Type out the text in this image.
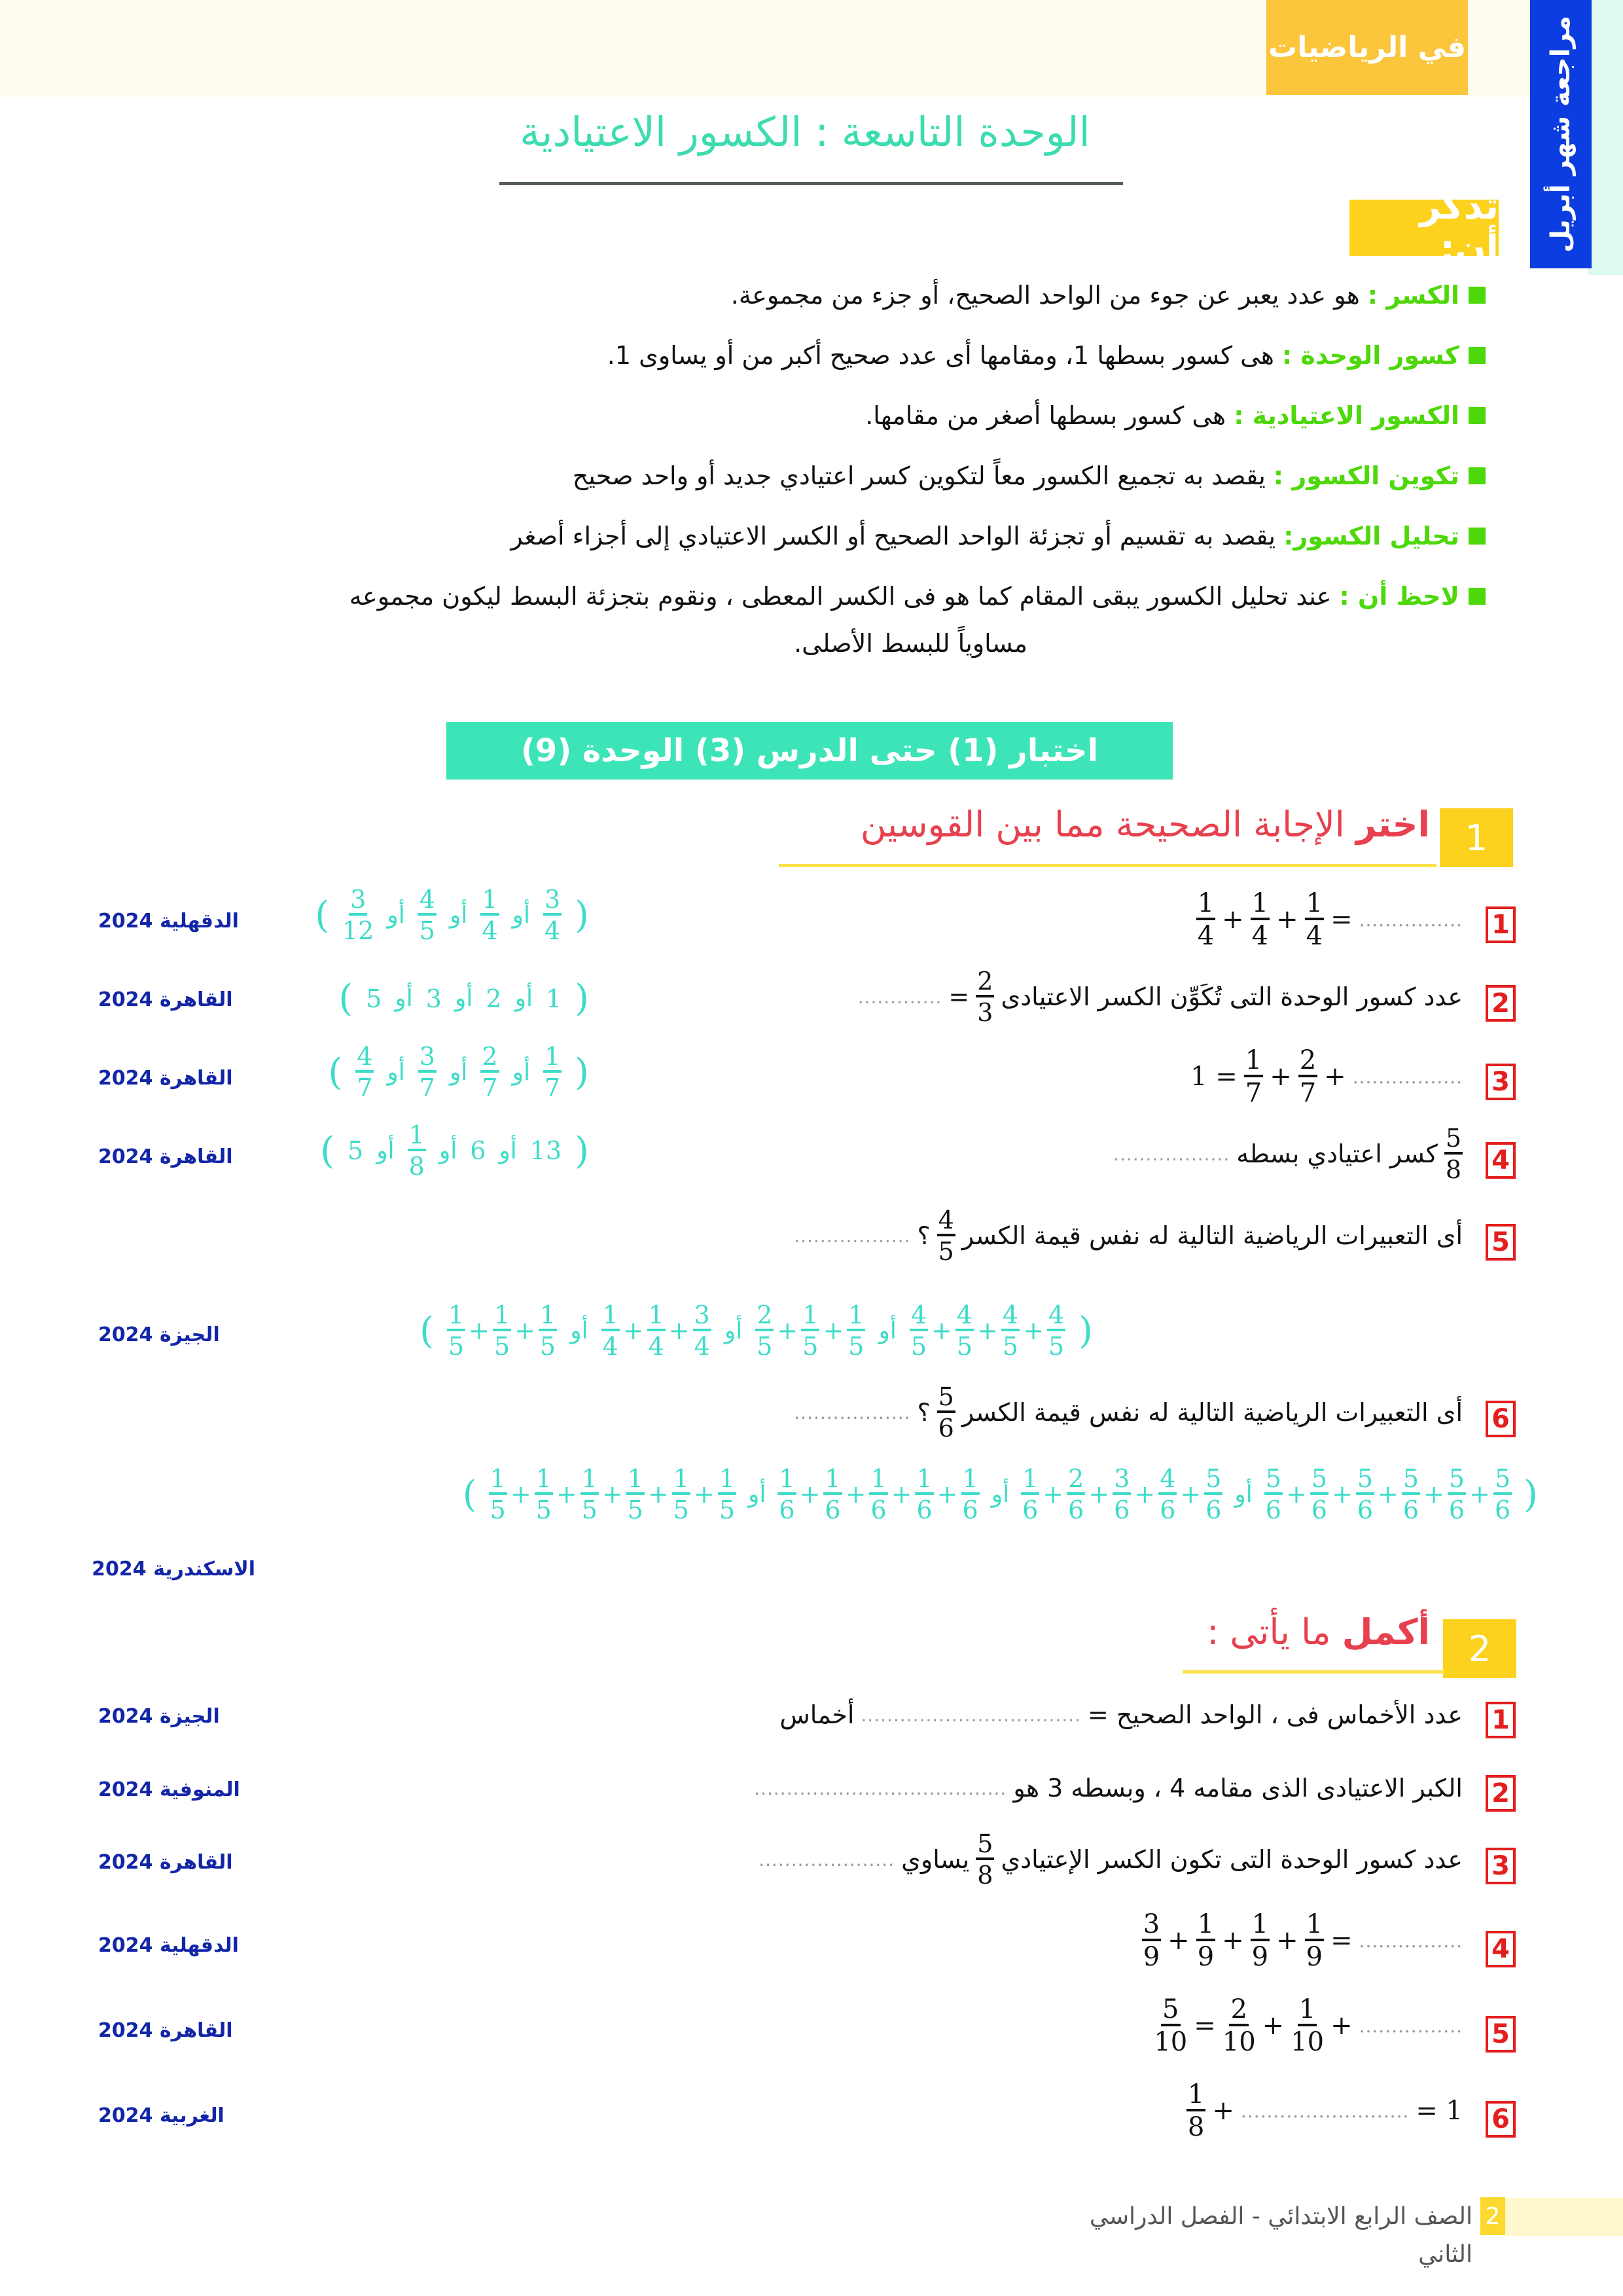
في الرياضيات	مراجعة شهر أبريل
الوحدة التاسعة : الكسور الاعتيادية
تذكر أن:
الكسر : هو عدد يعبر عن جوء من الواحد الصحيح، أو جزء من مجموعة.
كسور الوحدة : هى كسور بسطها 1، ومقامها أى عدد صحيح أكبر من أو يساوى 1.
الكسور الاعتيادية : هى كسور بسطها أصغر من مقامها.
تكوين الكسور : يقصد به تجميع الكسور معاً لتكوين كسر اعتيادي جديد أو واحد صحيح
تحليل الكسور: يقصد به تقسيم أو تجزئة الواحد الصحيح أو الكسر الاعتيادي إلى أجزاء أصغر
لاحظ أن : عند تحليل الكسور يبقى المقام كما هو فى الكسر المعطى ، ونقوم بتجزئة البسط ليكون مجموعه
مساوياً للبسط الأصلى.
اختبار (1) حتى الدرس (3) الوحدة (9)
1
اختر الإجابة الصحيحة مما بين القوسين
2
أكمل ما يأتى :
2
الصف الرابع الابتدائي - الفصل الدراسي الثاني
1
$\frac{1}{4} + \frac{1}{4} + \frac{1}{4}$ = ................
( $\frac{3}{12}$ أو $\frac{4}{5}$ أو $\frac{1}{4}$ أو $\frac{3}{4}$ )
الدقهلية 2024
2
عدد كسور الوحدة التى تُكَوِّن الكسر الاعتيادى
$\frac{2}{3}$
=
.............
( 5 أو 3 أو 2 أو 1 )
القاهرة 2024
3
$1 = \frac{1}{7} + \frac{2}{7}$ + .................
( $\frac{4}{7}$ أو $\frac{3}{7}$ أو $\frac{2}{7}$ أو $\frac{1}{7}$ )
القاهرة 2024
4
$\frac{5}{8}$
كسر اعتيادي بسطه
..................
( 5 أو $\frac{1}{8}$ أو 6 أو 13 )
القاهرة 2024
5
أى التعبيرات الرياضية التالية له نفس قيمة الكسر
$\frac{4}{5}$
؟
..................
( $\frac{1}{5} + \frac{1}{5} + \frac{1}{5}$ أو $\frac{1}{4} + \frac{1}{4} + \frac{3}{4}$ أو $\frac{2}{5} + \frac{1}{5} + \frac{1}{5}$ أو $\frac{4}{5} + \frac{4}{5} + \frac{4}{5} + \frac{4}{5}$ )
الجيزة 2024
6
أى التعبيرات الرياضية التالية له نفس قيمة الكسر
$\frac{5}{6}$
؟
..................
( $\frac{1}{5} + \frac{1}{5} + \frac{1}{5} + \frac{1}{5} + \frac{1}{5} + \frac{1}{5}$ أو $\frac{1}{6} + \frac{1}{6} + \frac{1}{6} + \frac{1}{6} + \frac{1}{6}$ أو $\frac{1}{6} + \frac{2}{6} + \frac{3}{6} + \frac{4}{6} + \frac{5}{6}$ أو $\frac{5}{6} + \frac{5}{6} + \frac{5}{6} + \frac{5}{6} + \frac{5}{6} + \frac{5}{6}$ )
الاسكندرية 2024
1
عدد الأخماس فى ، الواحد الصحيح =
..................................
أخماس
الجيزة 2024
2
الكبر الاعتيادى الذى مقامه 4 ، وبسطه 3 هو
.......................................
المنوفية 2024
3
عدد كسور الوحدة التى تكون الكسر الإعتيادي
$\frac{5}{8}$
يساوي
.....................
القاهرة 2024
4
$\frac{3}{9} + \frac{1}{9} + \frac{1}{9} + \frac{1}{9}$ = ................
الدقهلية 2024
5
$\frac{5}{10} = \frac{2}{10} + \frac{1}{10}$ + ................
القاهرة 2024
6
$\frac{1}{8}$ + .......................... = 1
الغربية 2024
